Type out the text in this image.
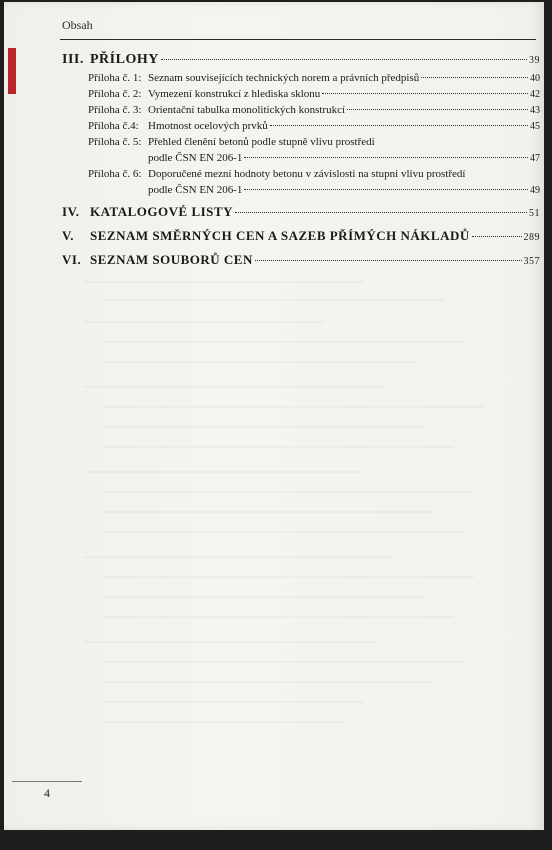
Obsah
III. PŘÍLOHY	39
Příloha č. 1: Seznam souvisejících technických norem a právních předpisů	40
Příloha č. 2: Vymezení konstrukcí z hlediska sklonu	42
Příloha č. 3: Orientační tabulka monolitických konstrukcí	43
Příloha č.4: Hmotnost ocelových prvků	45
Příloha č. 5: Přehled členění betonů podle stupně vlivu prostředí
podle ČSN EN 206-1	47
Příloha č. 6: Doporučené mezní hodnoty betonu v závislosti na stupni vlivu prostředí
podle ČSN EN 206-1	49
IV. KATALOGOVÉ LISTY	51
V.	SEZNAM SMĚRNÝCH CEN A SAZEB PŘÍMÝCH NÁKLADŮ	289
VI. SEZNAM SOUBORŮ CEN	357
4
